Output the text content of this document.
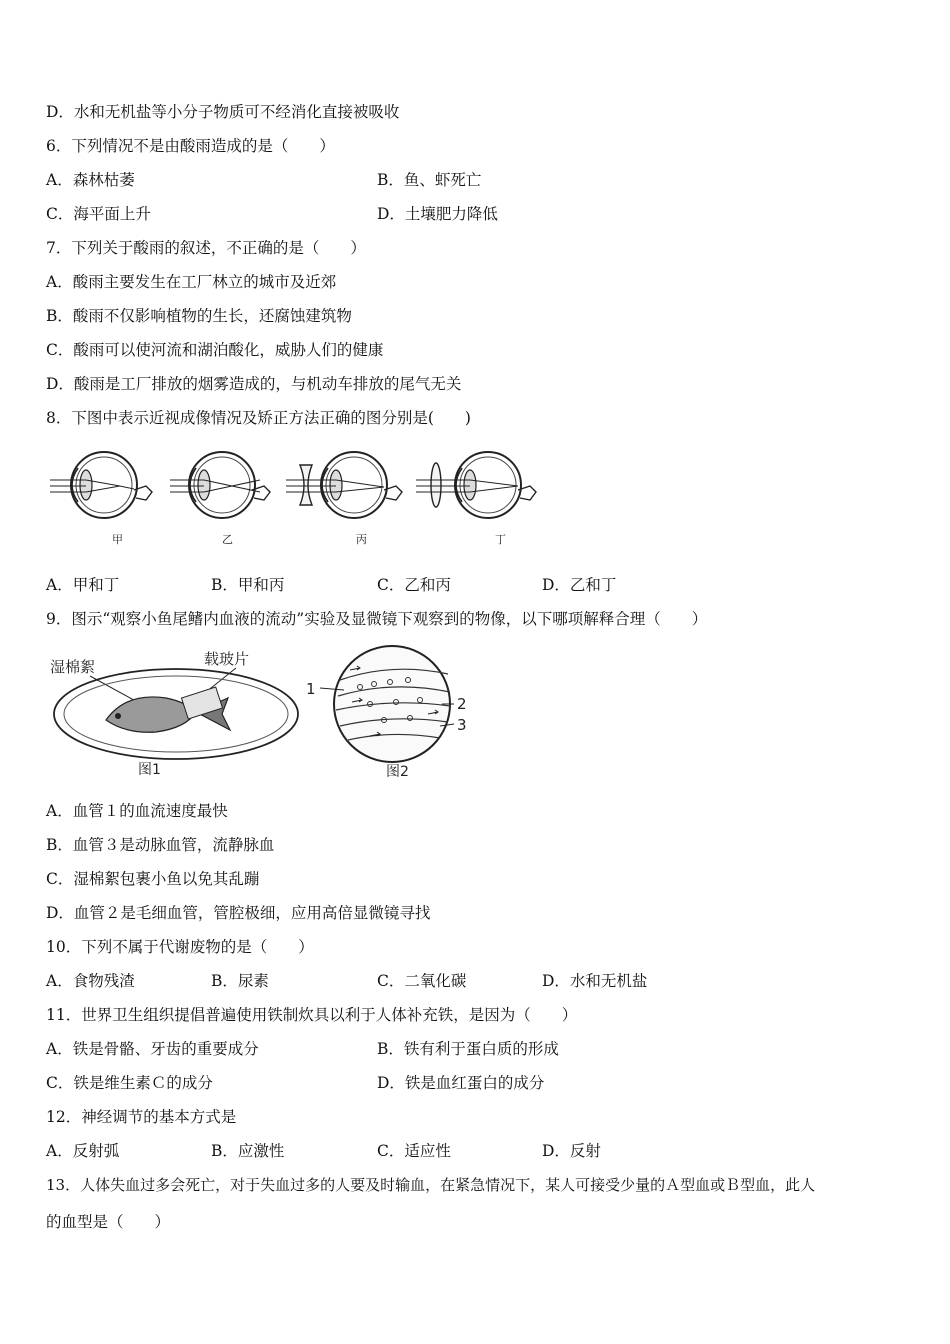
D．水和无机盐等小分子物质可不经消化直接被吸收
6．下列情况不是由酸雨造成的是（　　）
A．森林枯萎	B．鱼、虾死亡
C．海平面上升	D．土壤肥力降低
7．下列关于酸雨的叙述，不正确的是（　　）
A．酸雨主要发生在工厂林立的城市及近郊
B．酸雨不仅影响植物的生长，还腐蚀建筑物
C．酸雨可以使河流和湖泊酸化，威胁人们的健康
D．酸雨是工厂排放的烟雾造成的，与机动车排放的尾气无关
8．下图中表示近视成像情况及矫正方法正确的图分别是(　　)
甲	乙	丙	丁
A．甲和丁	B．甲和丙	C．乙和丙	D．乙和丁
9．图示“观察小鱼尾鳍内血液的流动”实验及显微镜下观察到的物像，以下哪项解释合理（　　）
湿棉絮	载玻片
图1
1
2
3
图2
A．血管１的血流速度最快
B．血管３是动脉血管，流静脉血
C．湿棉絮包裹小鱼以免其乱蹦
D．血管２是毛细血管，管腔极细，应用高倍显微镜寻找
10．下列不属于代谢废物的是（　　）
A．食物残渣	B．尿素	C．二氧化碳	D．水和无机盐
11．世界卫生组织提倡普遍使用铁制炊具以利于人体补充铁，是因为（　　）
A．铁是骨骼、牙齿的重要成分	B．铁有利于蛋白质的形成
C．铁是维生素Ｃ的成分	D．铁是血红蛋白的成分
12．神经调节的基本方式是
A．反射弧	B．应激性	C．适应性	D．反射
13．人体失血过多会死亡，对于失血过多的人要及时输血，在紧急情况下，某人可接受少量的Ａ型血或Ｂ型血，此人
的血型是（　　）
